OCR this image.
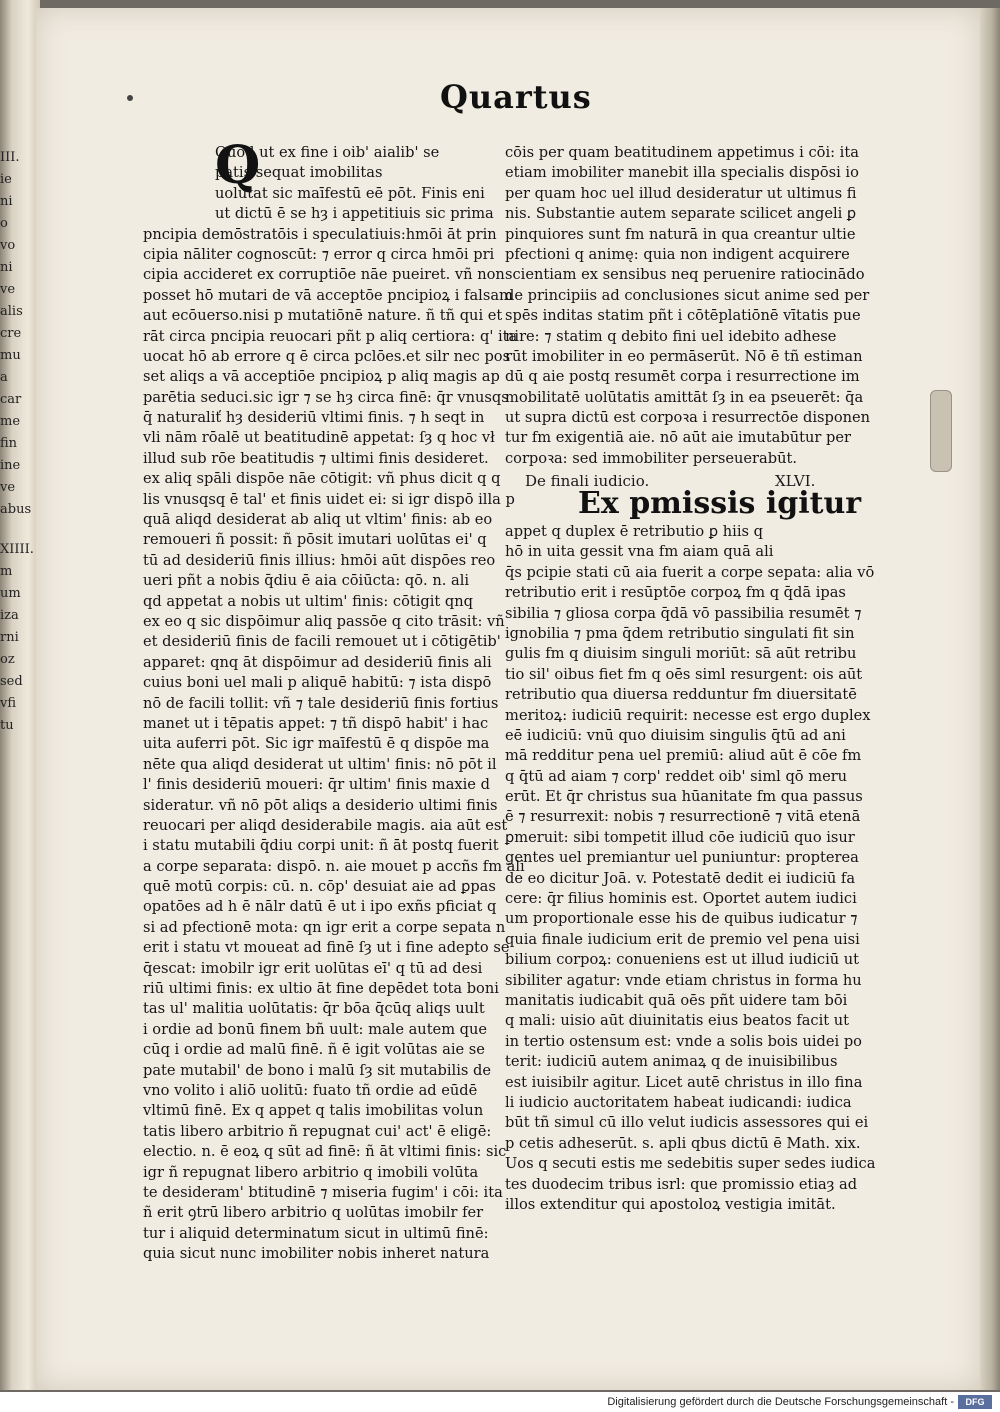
III.
ie
ni
o
vo
ni
ve
alis
cre
mu
a
car
me
fin
ine
ve
abus
XIIII.
m
um
iza
rni
oz
sed
vfi
tu
Quartus
Q
Quod ut ex fine i oib' aialib' se
patis sequat imobilitas
uolūtat sic maīfestū eē pōt. Finis eni
ut dictū ē se hȝ i appetitiuis sic prima
pncipia demōstratōis i speculatiuis:hmōi āt prin
cipia nāliter cognoscūt: ⁊ error q circa hmōi pri
cipia accideret ex corruptiōe nāe pueiret. vñ non
posset hō mutari de vā acceptōe pncipioꝝ i falsam
aut ecōuerso.nisi p mutatiōnē nature. ñ tñ qui et
rāt circa pncipia reuocari pñt p aliq certiora: q' ita
uocat hō ab errore q ē circa pclōes.et silr nec pos
set aliqs a vā acceptiōe pncipioꝝ p aliq magis ap
parētia seduci.sic igr ⁊ se hȝ circa finē: q̄r vnusqs
q̄ naturaliť hȝ desideriū vltimi finis. ⁊ h seqt in
vli nām rōalē ut beatitudinē appetat: ſȝ q hoc vł
illud sub rōe beatitudis ⁊ ultimi finis desideret.
ex aliq spāli dispōe nāe cōtigit: vñ phus dicit q q
lis vnusqsq ē tal' et finis uidet ei: si igr dispō illa p
quā aliqd desiderat ab aliq ut vltim' finis: ab eo
remoueri ñ possit: ñ pōsit imutari uolūtas ei' q
tū ad desideriū finis illius: hmōi aūt dispōes reo
ueri pñt a nobis q̄diu ē aia cōiūcta: qō. n. ali
qd appetat a nobis ut ultim' finis: cōtigit qnq
ex eo q sic dispōimur aliq passōe q cito trāsit: vñ
et desideriū finis de facili remouet ut i cōtigētib'
apparet: qnq āt dispōimur ad desideriū finis ali
cuius boni uel mali p aliquē habitū: ⁊ ista dispō
nō de facili tollit: vñ ⁊ tale desideriū finis fortius
manet ut i tēpatis appet: ⁊ tñ dispō habit' i hac
uita auferri pōt. Sic igr maīfestū ē q dispōe ma
nēte qua aliqd desiderat ut ultim' finis: nō pōt il
l' finis desideriū moueri: q̄r ultim' finis maxie d
sideratur. vñ nō pōt aliqs a desiderio ultimi finis
reuocari per aliqd desiderabile magis. aia aūt est
i statu mutabili q̄diu corpi unit: ñ āt postq fuerit
a corpe separata: dispō. n. aie mouet p accñs fm ali
quē motū corpis: cū. n. cōp' desuiat aie ad ꝑpas
opatōes ad h ē nālr datū ē ut i ipo exñs pficiat q
si ad pfectionē mota: qn igr erit a corpe sepata n
erit i statu vt moueat ad finē ſȝ ut i fine adepto se
q̄escat: imobilr igr erit uolūtas eī' q tū ad desi
riū ultimi finis: ex ultio āt fine depēdet tota boni
tas ul' malitia uolūtatis: q̄r bōa q̄cūq aliqs uult
i ordie ad bonū finem bñ uult: male autem que
cūq i ordie ad malū finē. ñ ē igit volūtas aie se
pate mutabil' de bono i malū ſȝ sit mutabilis de
vno volito i aliō uolitū: fuato tñ ordie ad eūdē
vltimū finē. Ex q appet q talis imobilitas volun
tatis libero arbitrio ñ repugnat cui' act' ē eligē:
electio. n. ē eoꝝ q sūt ad finē: ñ āt vltimi finis: sic
igr ñ repugnat libero arbitrio q imobili volūta
te desideram' btitudinē ⁊ miseria fugim' i cōi: ita
ñ erit ꝯtrū libero arbitrio q uolūtas imobilr fer
tur i aliquid determinatum sicut in ultimū finē:
quia sicut nunc imobiliter nobis inheret natura
cōis per quam beatitudinem appetimus i cōi: ita
etiam imobiliter manebit illa specialis dispōsi io
per quam hoc uel illud desideratur ut ultimus fi
nis. Substantie autem separate scilicet angeli ꝑ
pinquiores sunt fm naturā in qua creantur ultie
pfectioni q animę: quia non indigent acquirere
scientiam ex sensibus neq peruenire ratiocinādo
de principiis ad conclusiones sicut anime sed per
spēs inditas statim pñt i cōtēplatiōnē vītatis pue
nire: ⁊ statim q debito fini uel idebito adhese
rūt imobiliter in eo permāserūt. Nō ē tñ estiman
dū q aie postq resumēt corpa i resurrectione im
mobilitatē uolūtatis amittāt ſȝ in ea pseuerēt: q̄a
ut supra dictū est corpoꝛa i resurrectōe disponen
tur fm exigentiā aie. nō aūt aie imutabūtur per
corpoꝛa: sed immobiliter perseuerabūt.
De finali iudicio.	XLVI.
Ex pmissis igitur
appet q duplex ē retributio ꝑ hiis q
hō in uita gessit vna fm aiam quā ali
q̄s pcipie stati cū aia fuerit a corpe sepata: alia vō
retributio erit i resūptōe corpoꝝ fm q q̄dā ipas
sibilia ⁊ gliosa corpa q̄dā vō passibilia resumēt ⁊
ignobilia ⁊ pma q̄dem retributio singulati fit sin
gulis fm q diuisim singuli moriūt: sā aūt retribu
tio sil' oibus fiet fm q oēs siml resurgent: ois aūt
retributio qua diuersa redduntur fm diuersitatē
meritoꝝ: iudiciū requirit: necesse est ergo duplex
eē iudiciū: vnū quo diuisim singulis q̄tū ad ani
mā redditur pena uel premiū: aliud aūt ē cōe fm
q q̄tū ad aiam ⁊ corp' reddet oib' siml qō meru
erūt. Et q̄r christus sua hūanitate fm qua passus
ē ⁊ resurrexit: nobis ⁊ resurrectionē ⁊ vitā etenā
ꝑmeruit: sibi tompetit illud cōe iudiciū quo isur
gentes uel premiantur uel puniuntur: propterea
de eo dicitur Joā. v. Potestatē dedit ei iudiciū fa
cere: q̄r filius hominis est. Oportet autem iudici
um proportionale esse his de quibus iudicatur ⁊
quia finale iudicium erit de premio vel pena uisi
bilium corpoꝝ: conueniens est ut illud iudiciū ut
sibiliter agatur: vnde etiam christus in forma hu
manitatis iudicabit quā oēs pñt uidere tam bōi
q mali: uisio aūt diuinitatis eius beatos facit ut
in tertio ostensum est: vnde a solis bois uidei po
terit: iudiciū autem animaꝝ q de inuisibilibus
est iuisibilr agitur. Licet autē christus in illo fina
li iudicio auctoritatem habeat iudicandi: iudica
būt tñ simul cū illo velut iudicis assessores qui ei
p cetis adheserūt. s. apli qbus dictū ē Math. xix.
Uos q secuti estis me sedebitis super sedes iudica
tes duodecim tribus isrl: que promissio etiaȝ ad
illos extenditur qui apostoloꝝ vestigia imitāt.
Digitalisierung gefördert durch die Deutsche Forschungsgemeinschaft -	DFG
